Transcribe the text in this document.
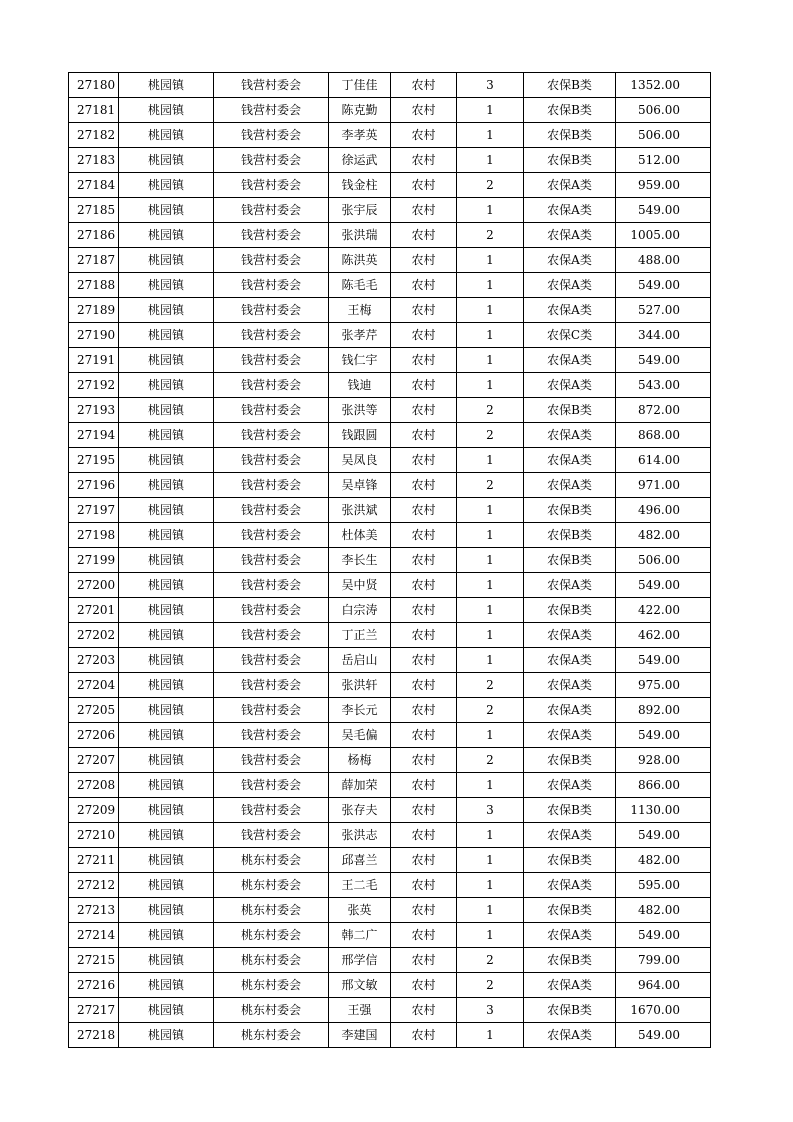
27180	桃园镇	钱营村委会	丁佳佳	农村	3	农保B类	1352.00
27181	桃园镇	钱营村委会	陈克勤	农村	1	农保B类	506.00
27182	桃园镇	钱营村委会	李孝英	农村	1	农保B类	506.00
27183	桃园镇	钱营村委会	徐运武	农村	1	农保B类	512.00
27184	桃园镇	钱营村委会	钱金柱	农村	2	农保A类	959.00
27185	桃园镇	钱营村委会	张宇辰	农村	1	农保A类	549.00
27186	桃园镇	钱营村委会	张洪瑞	农村	2	农保A类	1005.00
27187	桃园镇	钱营村委会	陈洪英	农村	1	农保A类	488.00
27188	桃园镇	钱营村委会	陈毛毛	农村	1	农保A类	549.00
27189	桃园镇	钱营村委会	王梅	农村	1	农保A类	527.00
27190	桃园镇	钱营村委会	张孝芹	农村	1	农保C类	344.00
27191	桃园镇	钱营村委会	钱仁宇	农村	1	农保A类	549.00
27192	桃园镇	钱营村委会	钱迪	农村	1	农保A类	543.00
27193	桃园镇	钱营村委会	张洪等	农村	2	农保B类	872.00
27194	桃园镇	钱营村委会	钱跟圆	农村	2	农保A类	868.00
27195	桃园镇	钱营村委会	吴凤良	农村	1	农保A类	614.00
27196	桃园镇	钱营村委会	吴卓锋	农村	2	农保A类	971.00
27197	桃园镇	钱营村委会	张洪斌	农村	1	农保B类	496.00
27198	桃园镇	钱营村委会	杜体美	农村	1	农保B类	482.00
27199	桃园镇	钱营村委会	李长生	农村	1	农保B类	506.00
27200	桃园镇	钱营村委会	吴中贤	农村	1	农保A类	549.00
27201	桃园镇	钱营村委会	白宗涛	农村	1	农保B类	422.00
27202	桃园镇	钱营村委会	丁正兰	农村	1	农保A类	462.00
27203	桃园镇	钱营村委会	岳启山	农村	1	农保A类	549.00
27204	桃园镇	钱营村委会	张洪轩	农村	2	农保A类	975.00
27205	桃园镇	钱营村委会	李长元	农村	2	农保A类	892.00
27206	桃园镇	钱营村委会	吴毛偏	农村	1	农保A类	549.00
27207	桃园镇	钱营村委会	杨梅	农村	2	农保B类	928.00
27208	桃园镇	钱营村委会	薛加荣	农村	1	农保A类	866.00
27209	桃园镇	钱营村委会	张存夫	农村	3	农保B类	1130.00
27210	桃园镇	钱营村委会	张洪志	农村	1	农保A类	549.00
27211	桃园镇	桃东村委会	邱喜兰	农村	1	农保B类	482.00
27212	桃园镇	桃东村委会	王二毛	农村	1	农保A类	595.00
27213	桃园镇	桃东村委会	张英	农村	1	农保B类	482.00
27214	桃园镇	桃东村委会	韩二广	农村	1	农保A类	549.00
27215	桃园镇	桃东村委会	邢学信	农村	2	农保B类	799.00
27216	桃园镇	桃东村委会	邢文敏	农村	2	农保A类	964.00
27217	桃园镇	桃东村委会	王强	农村	3	农保B类	1670.00
27218	桃园镇	桃东村委会	李建国	农村	1	农保A类	549.00
